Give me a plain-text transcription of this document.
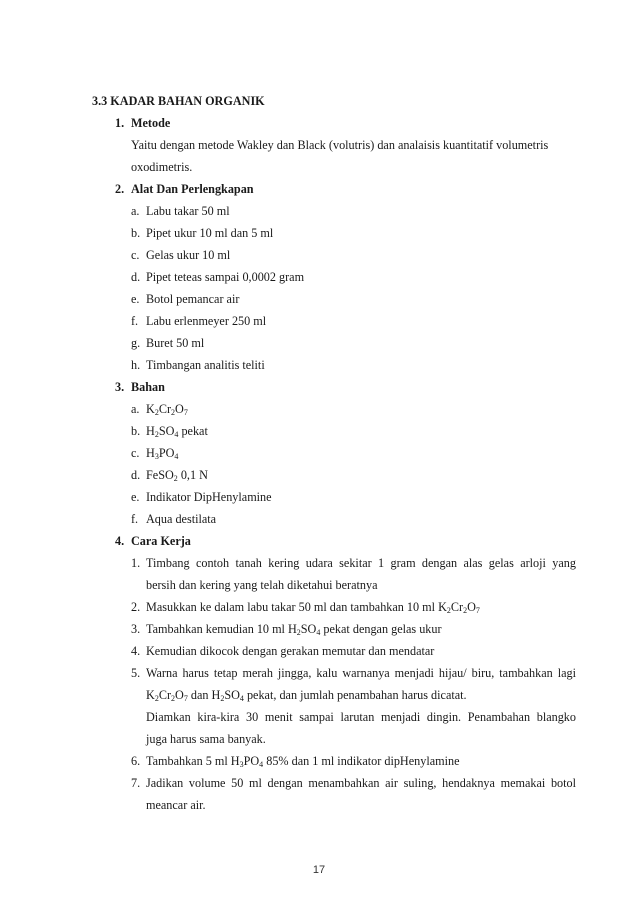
3.3 KADAR BAHAN ORGANIK
1. Metode
Yaitu dengan metode Wakley dan Black (volutris) dan analaisis kuantitatif volumetris
oxodimetris.
2. Alat Dan Perlengkapan
a. Labu takar 50 ml
b. Pipet ukur 10 ml dan 5 ml
c. Gelas ukur 10 ml
d. Pipet teteas sampai 0,0002 gram
e. Botol pemancar air
f. Labu erlenmeyer 250 ml
g. Buret 50 ml
h. Timbangan analitis teliti
3. Bahan
a. $K_2Cr_2O_7$
b. $H_2SO_4$ pekat
c. $H_3PO_4$
d. FeSO$_2$ 0,1 N
e. Indikator DipHenylamine
f. Aqua destilata
4. Cara Kerja
1. Timbang contoh tanah kering udara sekitar 1 gram dengan alas gelas arloji yang
bersih dan kering yang telah diketahui beratnya
2. Masukkan ke dalam labu takar 50 ml dan tambahkan 10 ml $K_2Cr_2O_7$
3. Tambahkan kemudian 10 ml $H_2SO_4$ pekat dengan gelas ukur
4. Kemudian dikocok dengan gerakan memutar dan mendatar
5. Warna harus tetap merah jingga, kalu warnanya menjadi hijau/ biru, tambahkan lagi
$K_2Cr_2O_7$ dan $H_2SO_4$ pekat, dan jumlah penambahan harus dicatat.
Diamkan kira-kira 30 menit sampai larutan menjadi dingin. Penambahan blangko
juga harus sama banyak.
6. Tambahkan 5 ml $H_3PO_4$ 85% dan 1 ml indikator dipHenylamine
7. Jadikan volume 50 ml dengan menambahkan air suling, hendaknya memakai botol
meancar air.
17
